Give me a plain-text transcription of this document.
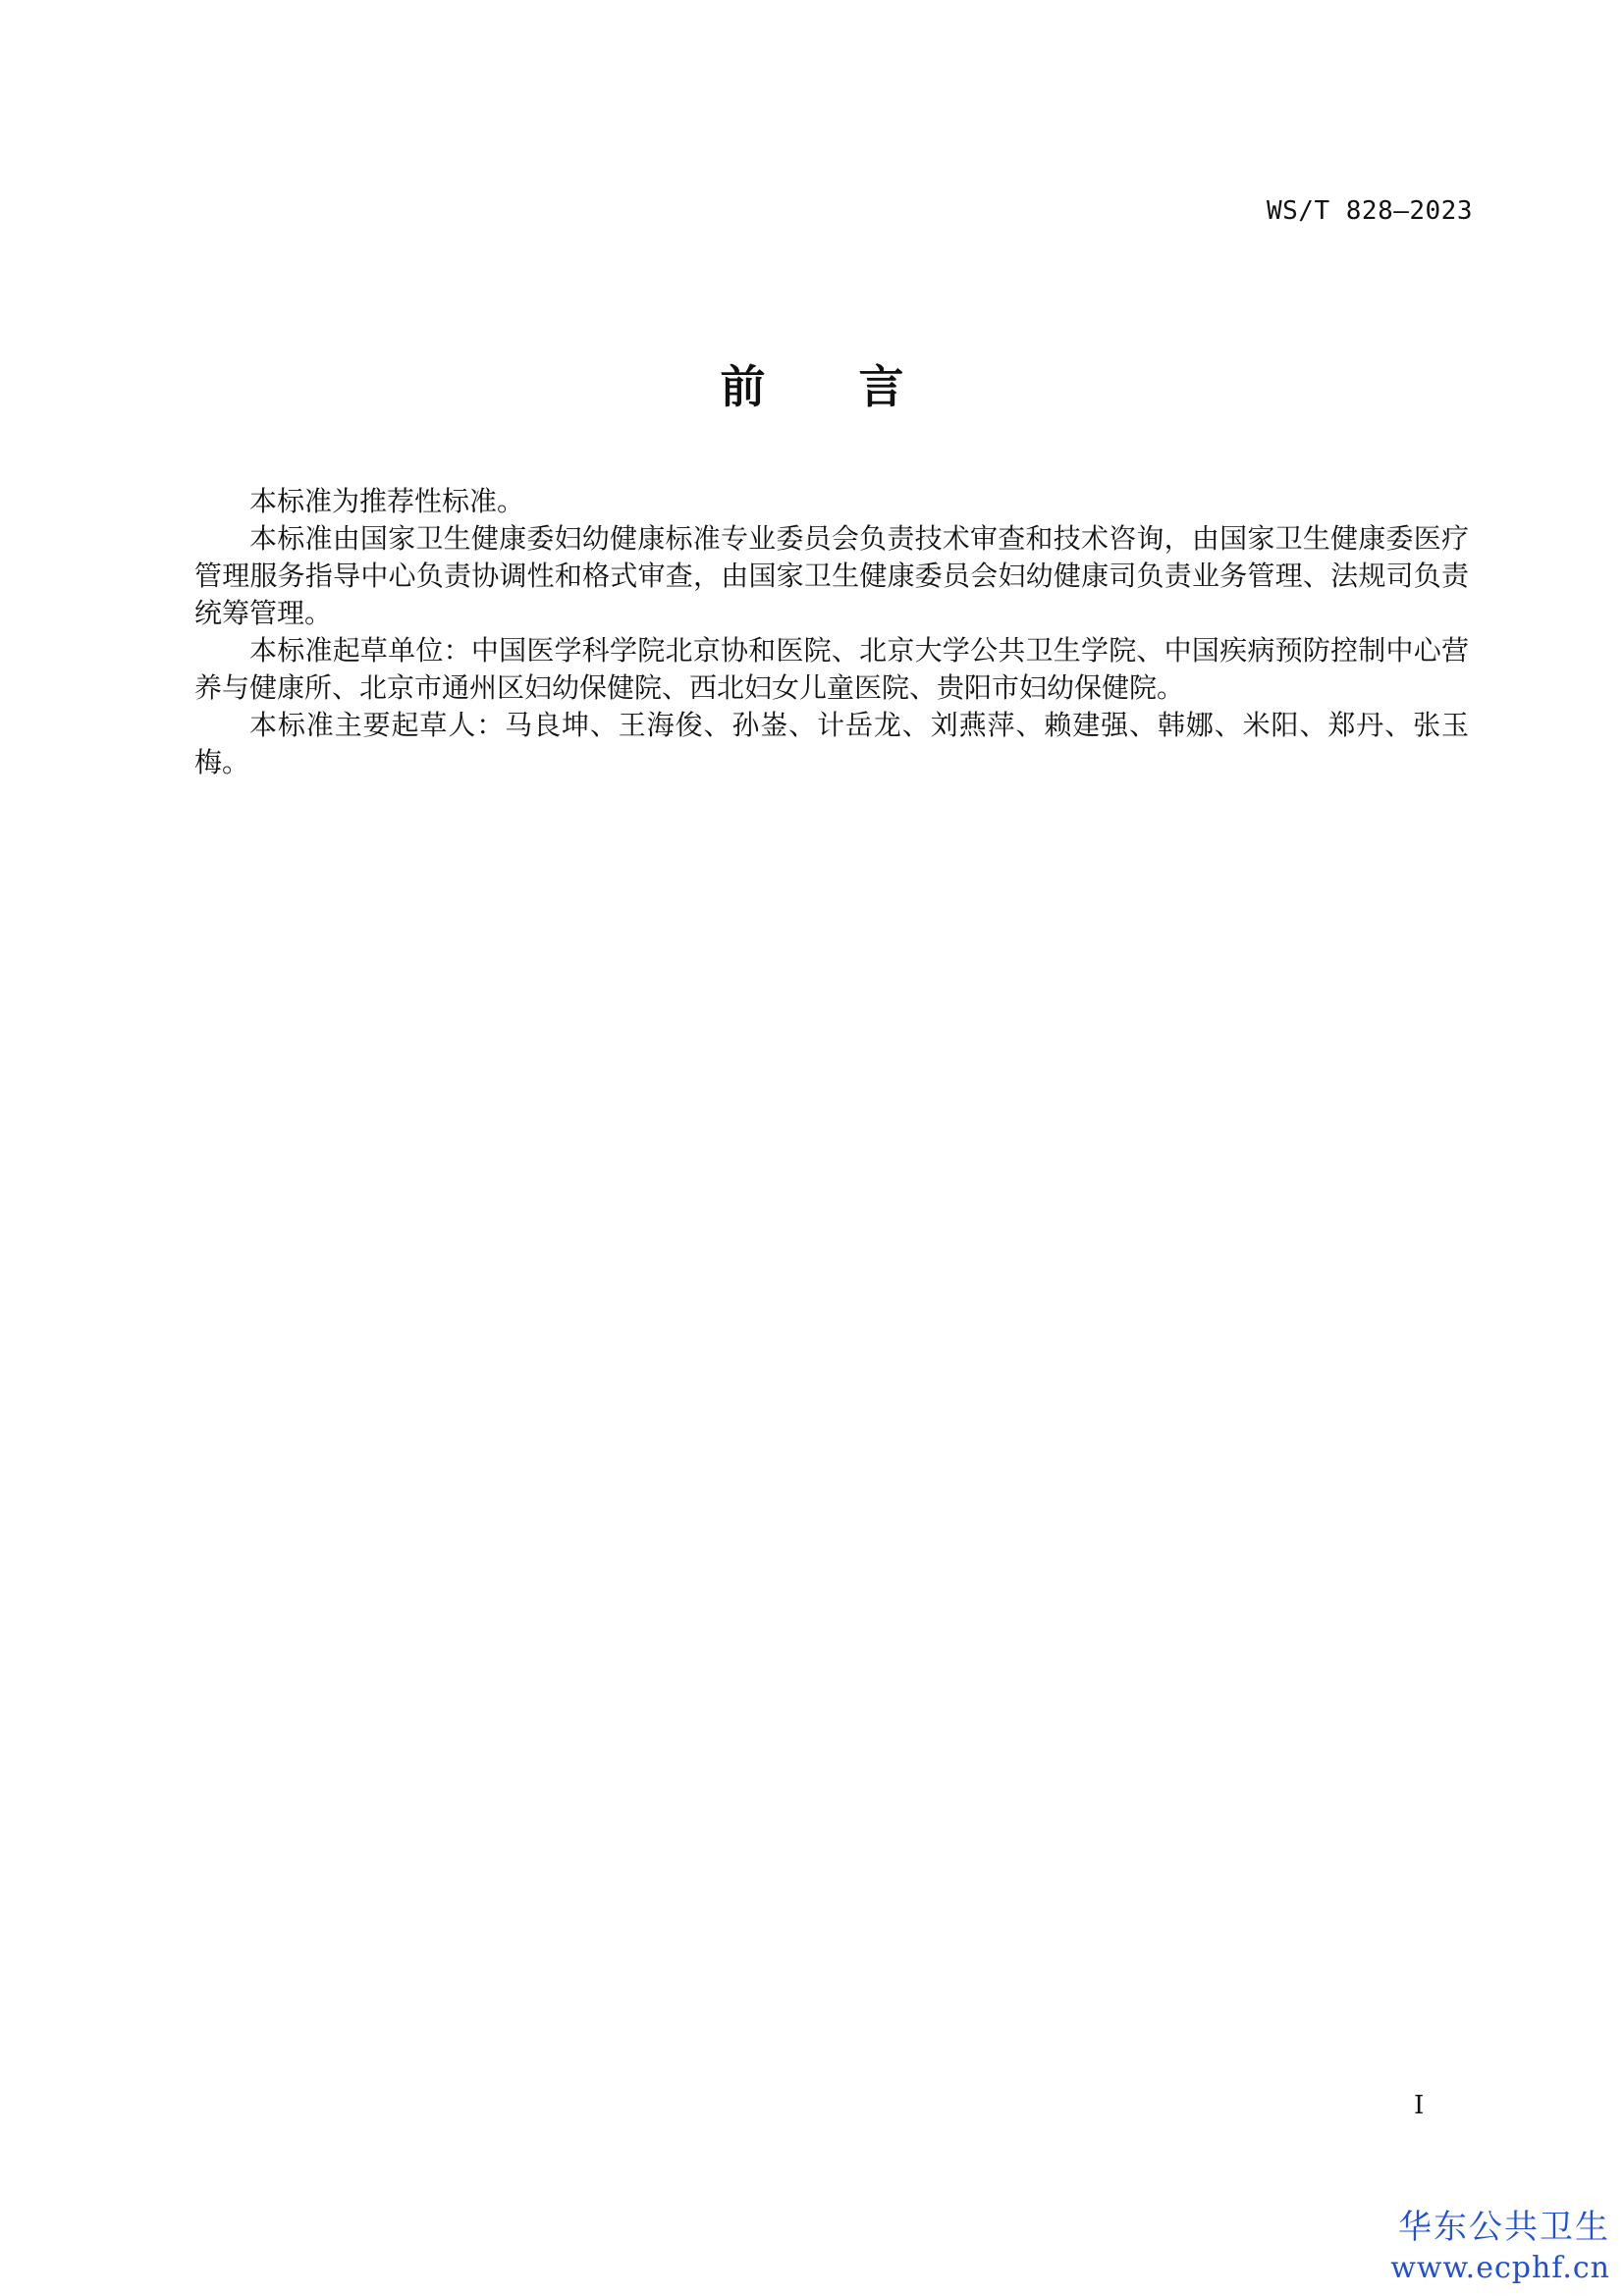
WS/T 828—2023
前言

本标准为推荐性标准。

本标准由国家卫生健康委妇幼健康标准专业委员会负责技术审查和技术咨询，由国家卫生健康委医疗管理服务指导中心负责协调性和格式审查，由国家卫生健康委员会妇幼健康司负责业务管理、法规司负责统筹管理。

本标准起草单位：中国医学科学院北京协和医院、北京大学公共卫生学院、中国疾病预防控制中心营养与健康所、北京市通州区妇幼保健院、西北妇女儿童医院、贵阳市妇幼保健院。

本标准主要起草人：马良坤、王海俊、孙崟、计岳龙、刘燕萍、赖建强、韩娜、米阳、郑丹、张玉梅。

I
华东公共卫生
www.ecphf.cn
